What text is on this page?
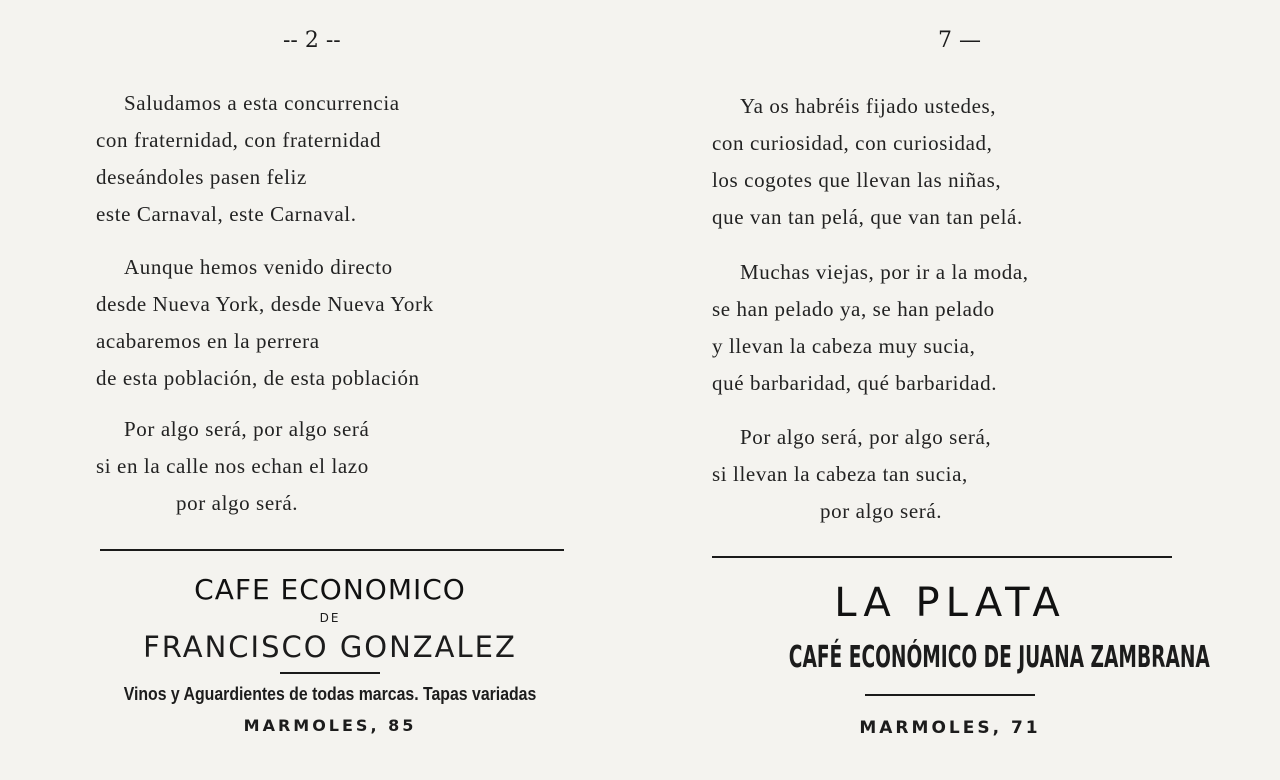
-- 2 --
Saludamos a esta concurrencia
con fraternidad, con fraternidad
deseándoles pasen feliz
este Carnaval, este Carnaval.
Aunque hemos venido directo
desde Nueva York, desde Nueva York
acabaremos en la perrera
de esta población, de esta población
Por algo será, por algo será
si en la calle nos echan el lazo
por algo será.
CAFE ECONOMICO
DE
FRANCISCO GONZALEZ
Vinos y Aguardientes de todas marcas. Tapas variadas
MARMOLES, 85
7 —
Ya os habréis fijado ustedes,
con curiosidad, con curiosidad,
los cogotes que llevan las niñas,
que van tan pelá, que van tan pelá.
Muchas viejas, por ir a la moda,
se han pelado ya, se han pelado
y llevan la cabeza muy sucia,
qué barbaridad, qué barbaridad.
Por algo será, por algo será,
si llevan la cabeza tan sucia,
por algo será.
LA PLATA
CAFÉ ECONÓMICO DE JUANA ZAMBRANA
MARMOLES, 71
